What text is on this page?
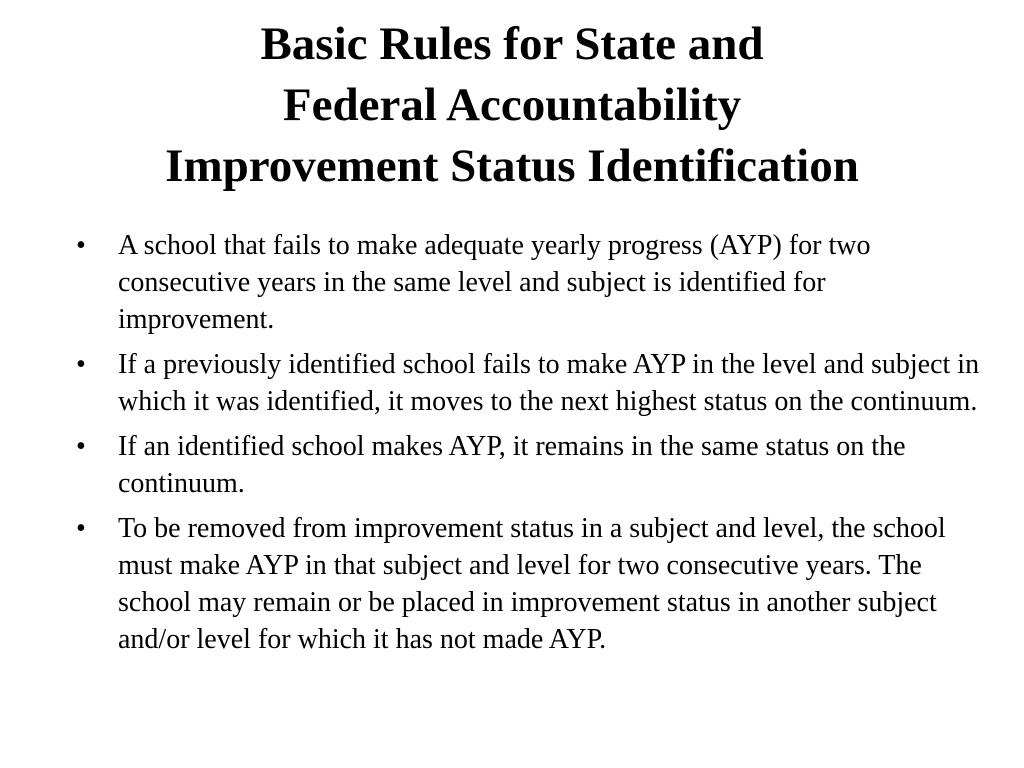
Basic Rules for State and
Federal Accountability
Improvement Status Identification
•	A school that fails to make adequate yearly progress (AYP) for two consecutive years in the same level and subject is identified for improvement.
•	If a previously identified school fails to make AYP in the level and subject in which it was identified, it moves to the next highest status on the continuum.
•	If an identified school makes AYP, it remains in the same status on the continuum.
•	To be removed from improvement status in a subject and level, the school must make AYP in that subject and level for two consecutive years. The school may remain or be placed in improvement status in another subject and/or level for which it has not made AYP.
